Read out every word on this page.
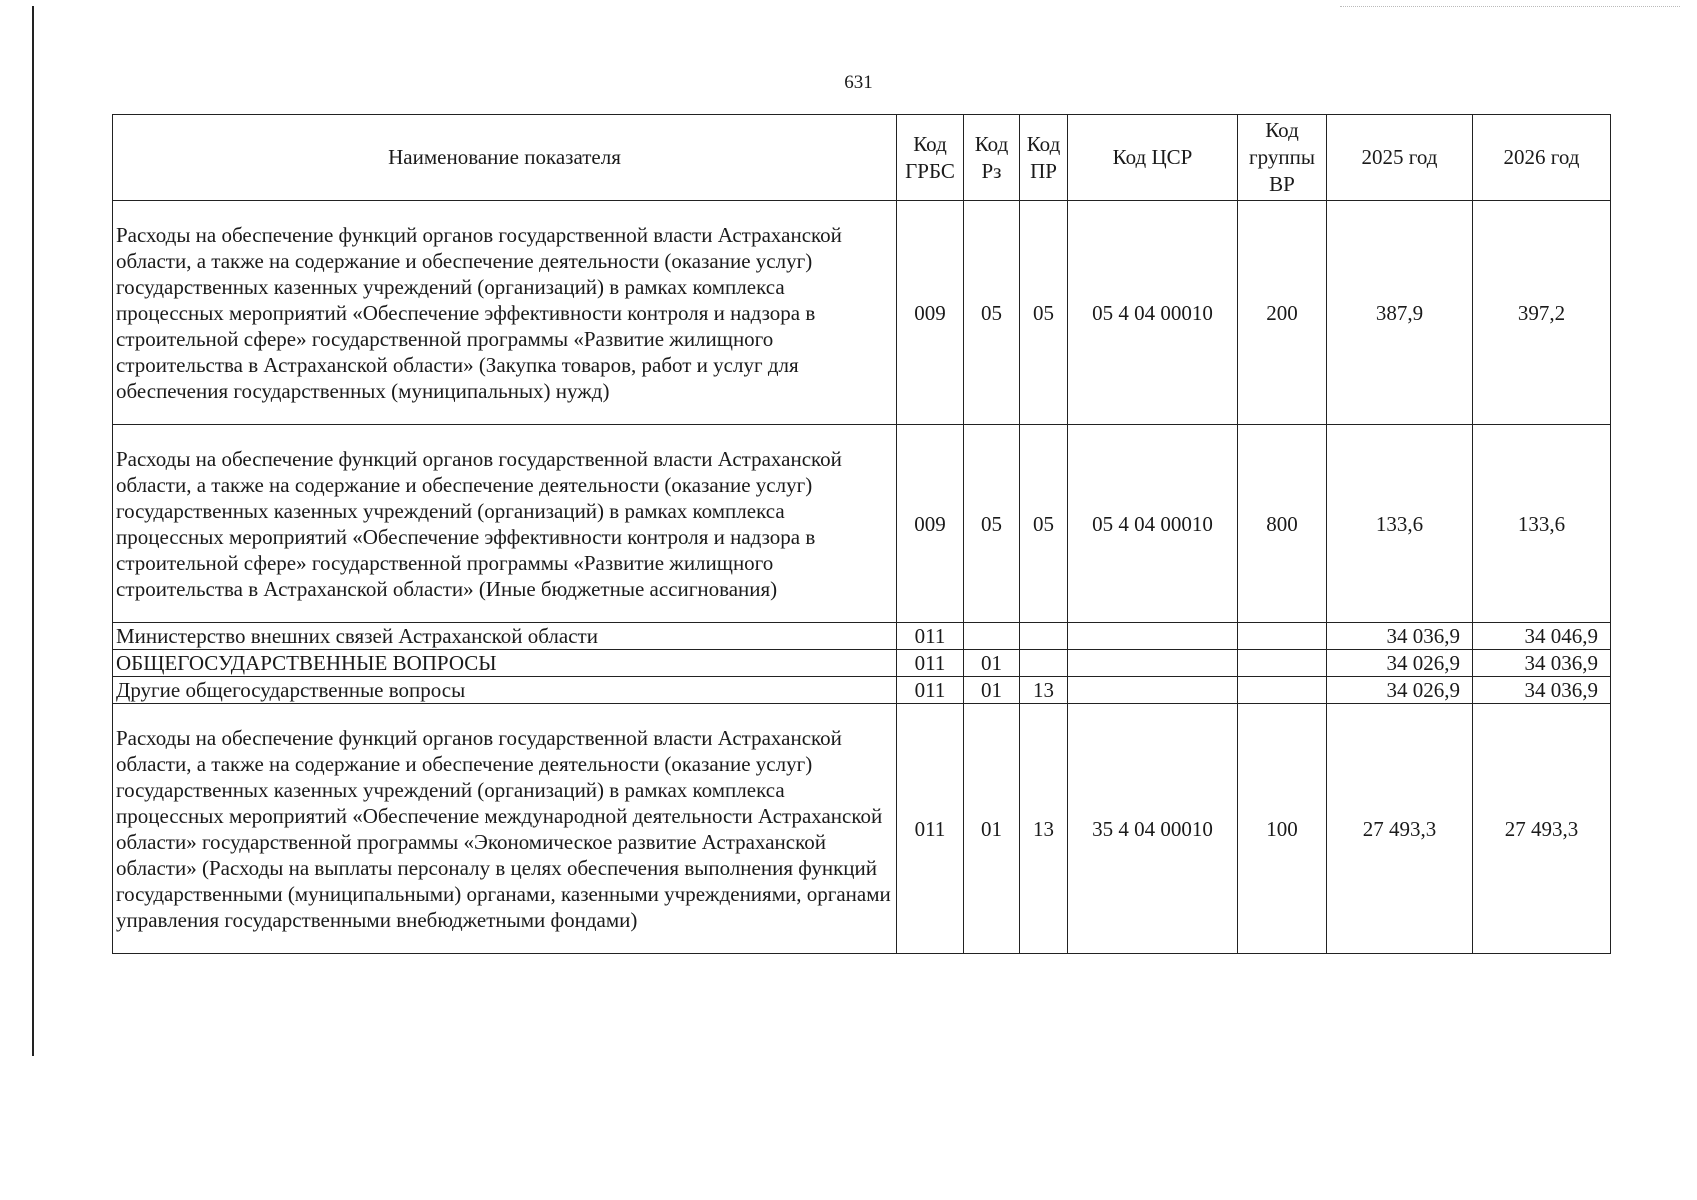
631
Наименование показателя	Код ГРБС	Код Рз	Код ПР	Код ЦСР	Код группы ВР	2025 год	2026 год
Расходы на обеспечение функций органов государственной власти Астраханской области, а также на содержание и обеспечение деятельности (оказание услуг) государственных казенных учреждений (организаций) в рамках комплекса процессных мероприятий «Обеспечение эффективности контроля и надзора в строительной сфере» государственной программы «Развитие жилищного строительства в Астраханской области» (Закупка товаров, работ и услуг для обеспечения государственных (муниципальных) нужд)	009	05	05	05 4 04 00010	200	387,9	397,2
Расходы на обеспечение функций органов государственной власти Астраханской области, а также на содержание и обеспечение деятельности (оказание услуг) государственных казенных учреждений (организаций) в рамках комплекса процессных мероприятий «Обеспечение эффективности контроля и надзора в строительной сфере» государственной программы «Развитие жилищного строительства в Астраханской области» (Иные бюджетные ассигнования)	009	05	05	05 4 04 00010	800	133,6	133,6
Министерство внешних связей Астраханской области	011					34 036,9	34 046,9
ОБЩЕГОСУДАРСТВЕННЫЕ ВОПРОСЫ	011	01				34 026,9	34 036,9
Другие общегосударственные вопросы	011	01	13			34 026,9	34 036,9
Расходы на обеспечение функций органов государственной власти Астраханской области, а также на содержание и обеспечение деятельности (оказание услуг) государственных казенных учреждений (организаций) в рамках комплекса процессных мероприятий «Обеспечение международной деятельности Астраханской области» государственной программы «Экономическое развитие Астраханской области» (Расходы на выплаты персоналу в целях обеспечения выполнения функций государственными (муниципальными) органами, казенными учреждениями, органами управления государственными внебюджетными фондами)	011	01	13	35 4 04 00010	100	27 493,3	27 493,3
